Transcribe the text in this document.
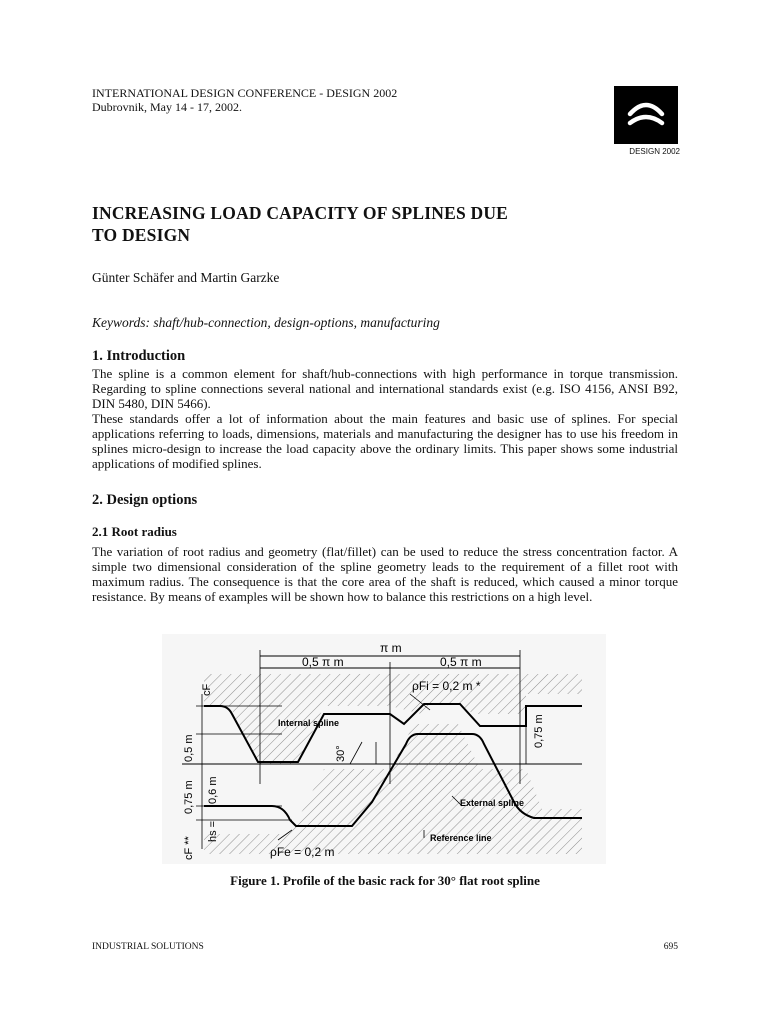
INTERNATIONAL DESIGN CONFERENCE - DESIGN 2002
Dubrovnik, May 14 - 17, 2002.
DESIGN 2002
INCREASING LOAD CAPACITY OF SPLINES DUE
TO DESIGN
Günter Schäfer and Martin Garzke
Keywords: shaft/hub-connection, design-options, manufacturing
1. Introduction

The spline is a common element for shaft/hub-connections with high performance in torque transmission. Regarding to spline connections several national and international standards exist (e.g. ISO 4156, ANSI B92, DIN 5480, DIN 5466).

These standards offer a lot of information about the main features and basic use of splines. For special applications referring to loads, dimensions, materials and manufacturing the designer has to use his freedom in splines micro-design to increase the load capacity above the ordinary limits. This paper shows some industrial applications of modified splines.

2. Design options
2.1 Root radius

The variation of root radius and geometry (flat/fillet) can be used to reduce the stress concentration factor. A simple two dimensional consideration of the spline geometry leads to the requirement of a fillet root with maximum radius. The consequence is that the core area of the shaft is reduced, which caused a minor torque resistance. By means of examples will be shown how to balance this restrictions on a high level.

π m
0,5 π m	0,5 π m
ρFi = 0,2 m *
Internal spline
External spline
Reference line
ρFe = 0,2 m
30°
cF
0,5 m
0,75 m 0,6 m
hs =
cF **
0,75 m
Figure 1. Profile of the basic rack for 30° flat root spline
INDUSTRIAL SOLUTIONS	695
